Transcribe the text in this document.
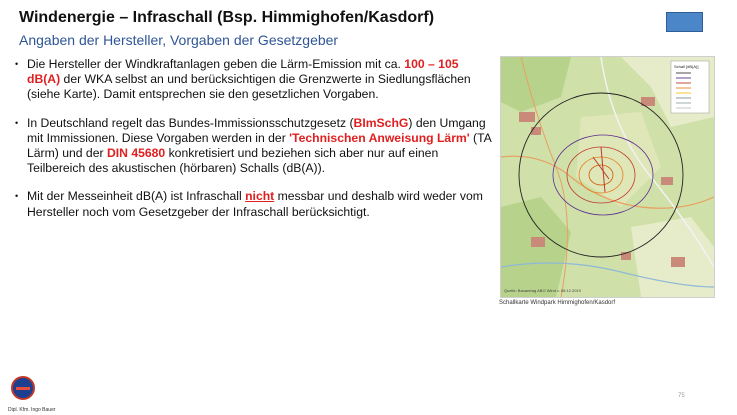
Windenergie – Infraschall (Bsp. Himmighofen/Kasdorf)
Angaben der Hersteller, Vorgaben der Gesetzgeber
• Die Hersteller der Windkraftanlagen geben die Lärm-Emission mit ca. 100 – 105 dB(A) der WKA selbst an und berücksichtigen die Grenzwerte in Siedlungsflächen (siehe Karte). Damit entsprechen sie den gesetzlichen Vorgaben.
• In Deutschland regelt das Bundes-Immissionsschutzgesetz (BImSchG) den Umgang mit Immissionen. Diese Vorgaben werden in der 'Technischen Anweisung Lärm' (TA Lärm) und der DIN 45680 konkretisiert und beziehen sich aber nur auf einen Teilbereich des akustischen (hörbaren) Schalls (dB(A)).
• Mit der Messeinheit dB(A) ist Infraschall nicht messbar und deshalb wird weder vom Hersteller noch vom Gesetzgeber der Infraschall berücksichtigt.
Schall [dB(A)]
Quelle: Bauantrag ABO Wind v. 08.12.2019
Schallkarte Windpark Himmighofen/Kasdorf
75
Dipl. Kfm. Ingo Bauer
